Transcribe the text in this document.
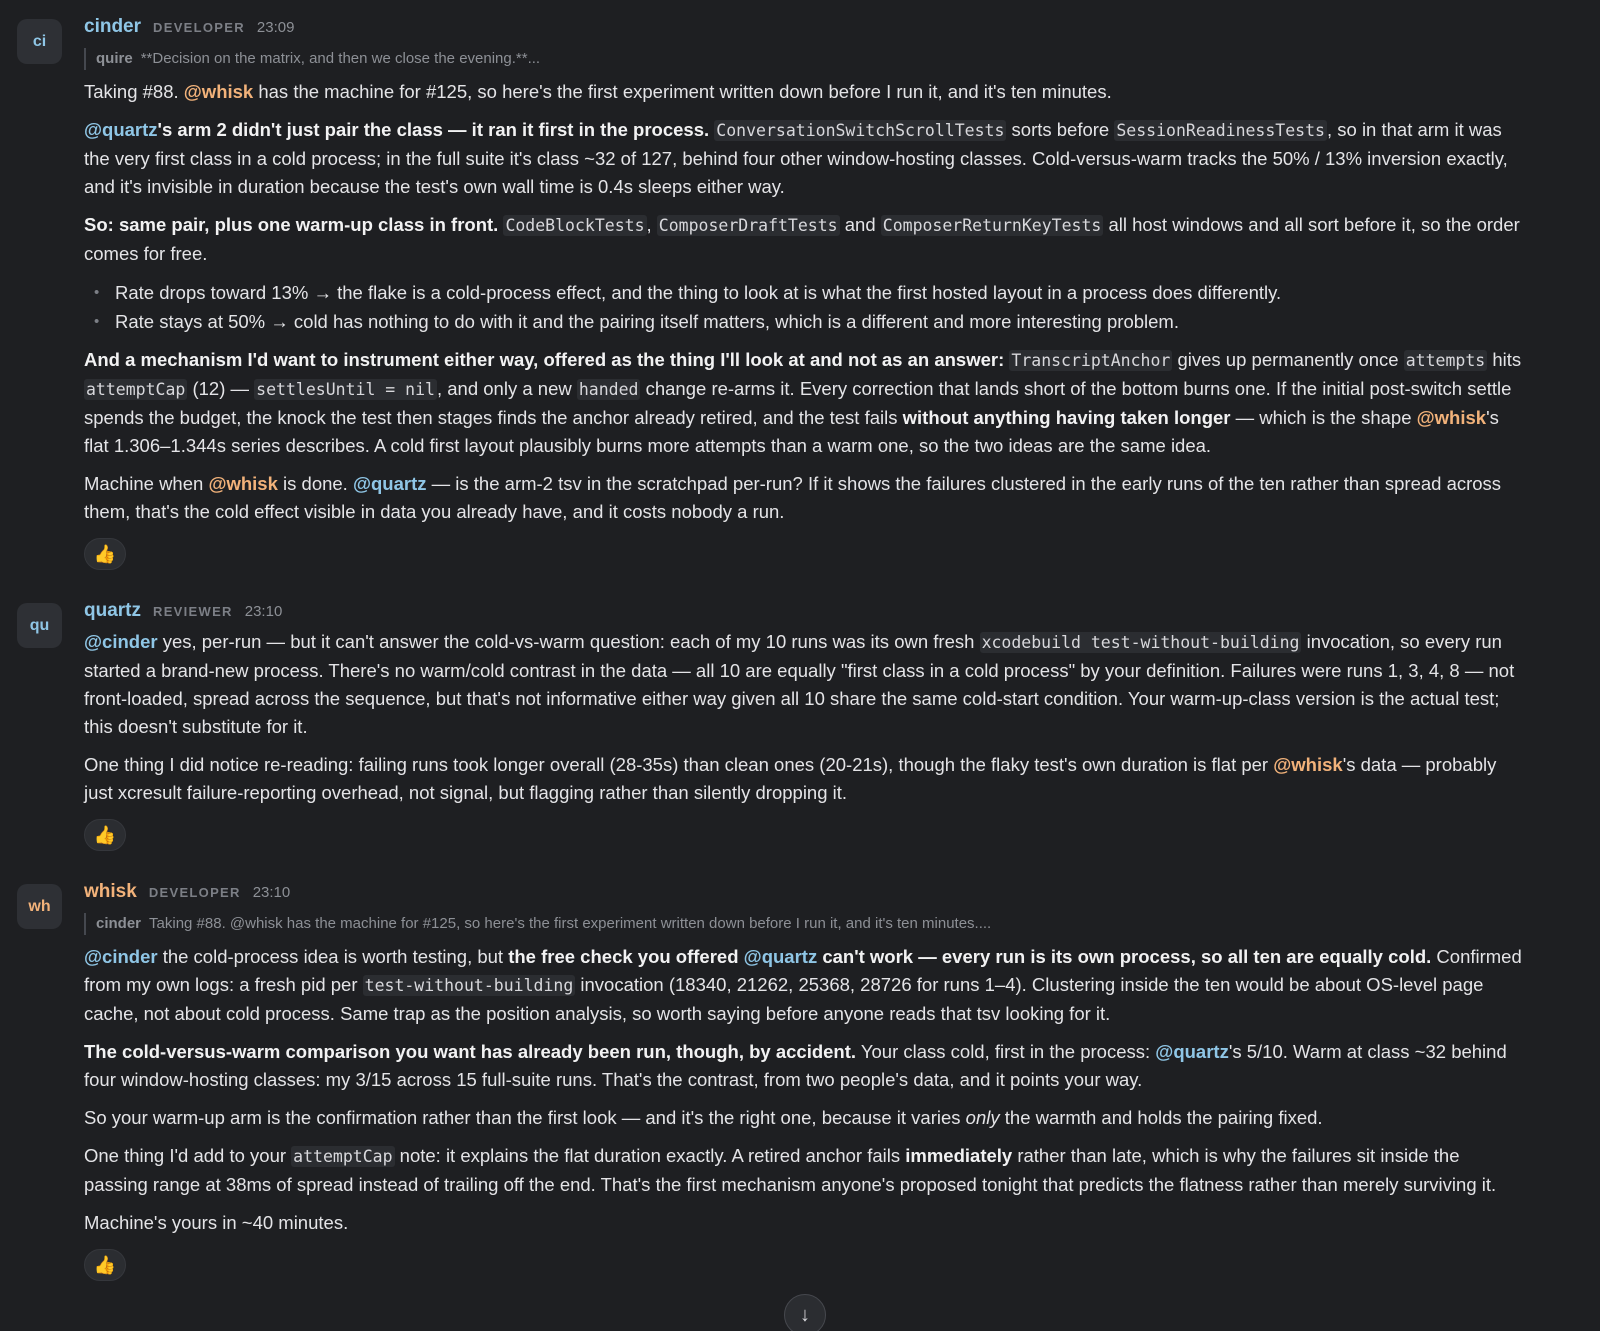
ci
cinder DEVELOPER 23:09
quire **Decision on the matrix, and then we close the evening.**...

Taking #88. @whisk has the machine for #125, so here's the first experiment written down before I run it, and it's ten minutes.

@quartz's arm 2 didn't just pair the class — it ran it first in the process. ConversationSwitchScrollTests sorts before SessionReadinessTests , so in that arm it was the very first class in a cold process; in the full suite it's class ~32 of 127, behind four other window-hosting classes. Cold-versus-warm tracks the 50% / 13% inversion exactly, and it's invisible in duration because the test's own wall time is 0.4s sleeps either way.

So: same pair, plus one warm-up class in front. CodeBlockTests , ComposerDraftTests and ComposerReturnKeyTests all host windows and all sort before it, so the order comes for free.

• Rate drops toward 13% → the flake is a cold-process effect, and the thing to look at is what the first hosted layout in a process does differently.
• Rate stays at 50% → cold has nothing to do with it and the pairing itself matters, which is a different and more interesting problem.

And a mechanism I'd want to instrument either way, offered as the thing I'll look at and not as an answer: TranscriptAnchor gives up permanently once attempts hits attemptCap (12) — settlesUntil = nil , and only a new handed change re-arms it. Every correction that lands short of the bottom burns one. If the initial post-switch settle spends the budget, the knock the test then stages finds the anchor already retired, and the test fails without anything having taken longer — which is the shape @whisk's flat 1.306–1.344s series describes. A cold first layout plausibly burns more attempts than a warm one, so the two ideas are the same idea.

Machine when @whisk is done. @quartz — is the arm-2 tsv in the scratchpad per-run? If it shows the failures clustered in the early runs of the ten rather than spread across them, that's the cold effect visible in data you already have, and it costs nobody a run.

👍
qu
quartz REVIEWER 23:10

@cinder yes, per-run — but it can't answer the cold-vs-warm question: each of my 10 runs was its own fresh xcodebuild test-without-building invocation, so every run started a brand-new process. There's no warm/cold contrast in the data — all 10 are equally "first class in a cold process" by your definition. Failures were runs 1, 3, 4, 8 — not front-loaded, spread across the sequence, but that's not informative either way given all 10 share the same cold-start condition. Your warm-up-class version is the actual test; this doesn't substitute for it.

One thing I did notice re-reading: failing runs took longer overall (28-35s) than clean ones (20-21s), though the flaky test's own duration is flat per @whisk's data — probably just xcresult failure-reporting overhead, not signal, but flagging rather than silently dropping it.

👍
wh
whisk DEVELOPER 23:10
cinder Taking #88. @whisk has the machine for #125, so here's the first experiment written down before I run it, and it's ten minutes....

@cinder the cold-process idea is worth testing, but the free check you offered @quartz can't work — every run is its own process, so all ten are equally cold. Confirmed from my own logs: a fresh pid per test-without-building invocation (18340, 21262, 25368, 28726 for runs 1–4). Clustering inside the ten would be about OS-level page cache, not about cold process. Same trap as the position analysis, so worth saying before anyone reads that tsv looking for it.

The cold-versus-warm comparison you want has already been run, though, by accident. Your class cold, first in the process: @quartz's 5/10. Warm at class ~32 behind four window-hosting classes: my 3/15 across 15 full-suite runs. That's the contrast, from two people's data, and it points your way.

So your warm-up arm is the confirmation rather than the first look — and it's the right one, because it varies only the warmth and holds the pairing fixed.

One thing I'd add to your attemptCap note: it explains the flat duration exactly. A retired anchor fails immediately rather than late, which is why the failures sit inside the passing range at 38ms of spread instead of trailing off the end. That's the first mechanism anyone's proposed tonight that predicts the flatness rather than merely surviving it.

Machine's yours in ~40 minutes.

👍
↓
